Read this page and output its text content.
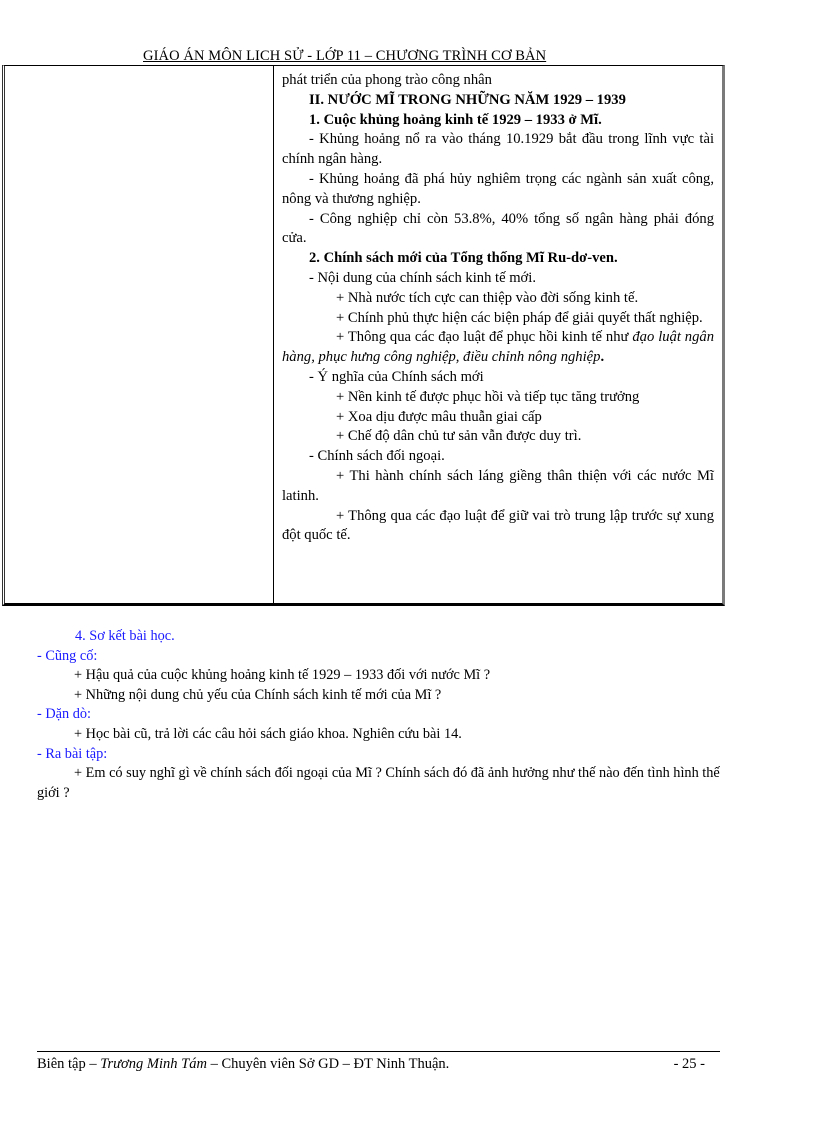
GIÁO ÁN MÔN LICH SỬ - LỚP 11 – CHƯƠNG TRÌNH CƠ BẢN

phát triển của phong trào công nhân

II. NƯỚC MĨ TRONG NHỮNG NĂM 1929 – 1939

1. Cuộc khủng hoảng kinh tế 1929 – 1933 ở Mĩ.

- Khủng hoảng nổ ra vào tháng 10.1929 bắt đầu trong lĩnh vực tài chính ngân hàng.

- Khủng hoảng đã phá hủy nghiêm trọng các ngành sản xuất công, nông và thương nghiệp.

- Công nghiệp chỉ còn 53.8%, 40% tổng số ngân hàng phải đóng cửa.

2. Chính sách mới của Tổng thống Mĩ Ru-dơ-ven.

- Nội dung của chính sách kinh tế mới.

+ Nhà nước tích cực can thiệp vào đời sống kinh tế.

+ Chính phủ thực hiện các biện pháp để giải quyết thất nghiệp.

+ Thông qua các đạo luật để phục hồi kinh tế như đạo luật ngân hàng, phục hưng công nghiệp, điều chỉnh nông nghiệp.

- Ý nghĩa của Chính sách mới

+ Nền kinh tế được phục hồi và tiếp tục tăng trưởng

+ Xoa dịu được mâu thuẫn giai cấp

+ Chế độ dân chủ tư sản vẫn được duy trì.

- Chính sách đối ngoại.

+ Thi hành chính sách láng giềng thân thiện với các nước Mĩ latinh.

+ Thông qua các đạo luật để giữ vai trò trung lập trước sự xung đột quốc tế.

4. Sơ kết bài học.

- Cũng cố:

+ Hậu quả của cuộc khủng hoảng kinh tế 1929 – 1933 đối với nước Mĩ ?

+ Những nội dung chủ yếu của Chính sách kinh tế mới của Mĩ ?

- Dặn dò:

+ Học bài cũ, trả lời các câu hỏi sách giáo khoa. Nghiên cứu bài 14.

- Ra bài tập:

+ Em có suy nghĩ gì về chính sách đối ngoại của Mĩ ? Chính sách đó đã ảnh hưởng như thế nào đến tình hình thế giới ?

Biên tập – Trương Minh Tám – Chuyên viên Sở GD – ĐT Ninh Thuận.	- 25 -
